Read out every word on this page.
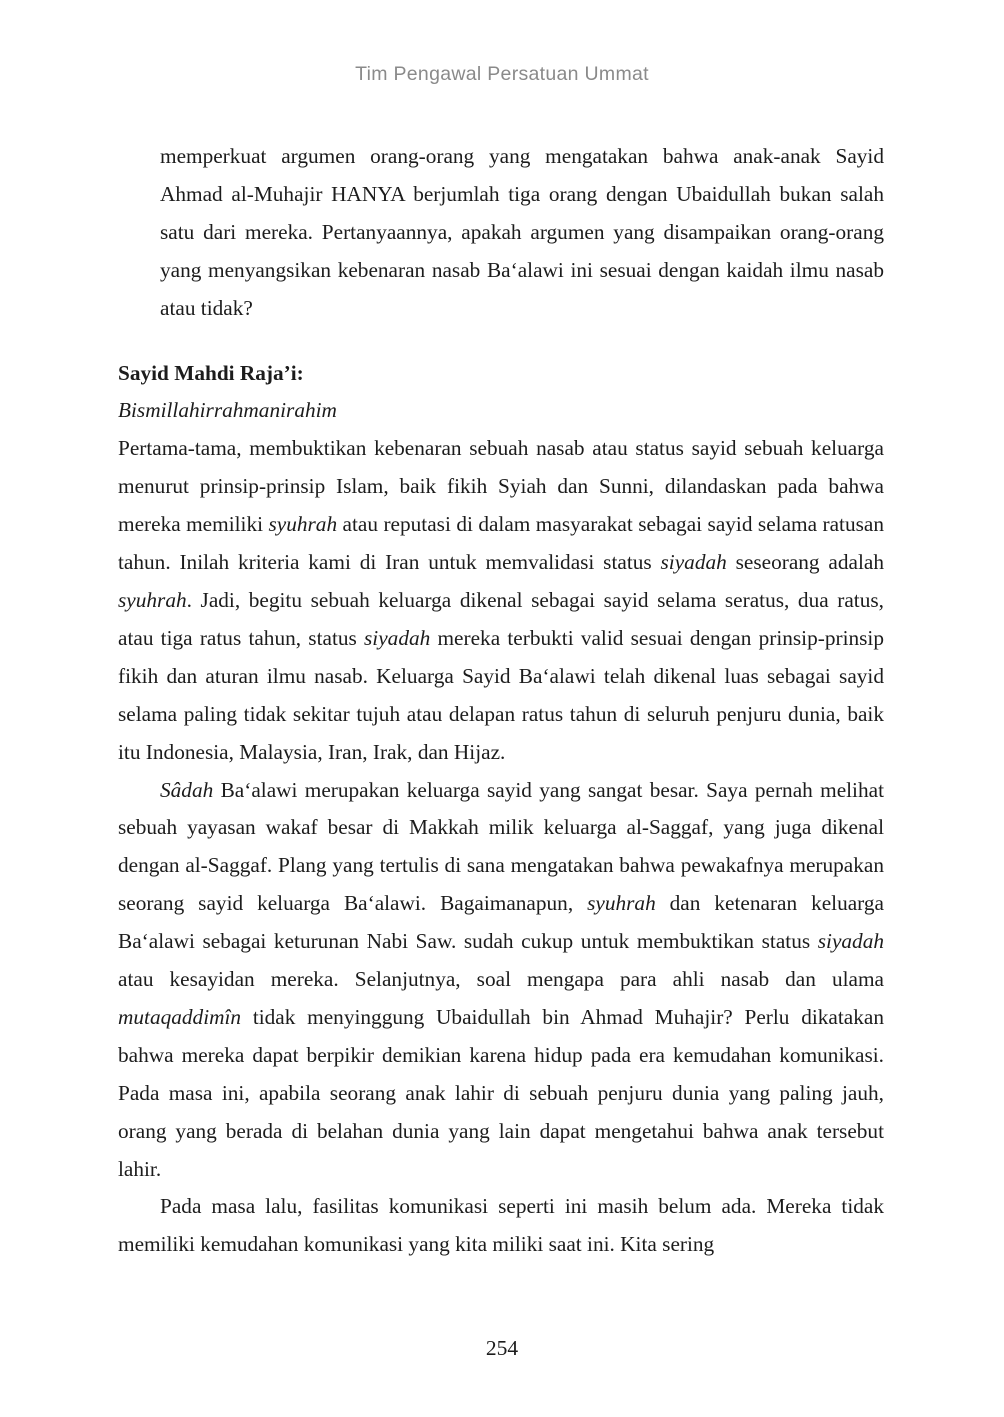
Tim Pengawal Persatuan Ummat
memperkuat argumen orang-orang yang mengatakan bahwa anak-anak Sayid Ahmad al-Muhajir HANYA berjumlah tiga orang dengan Ubaidullah bukan salah satu dari mereka. Pertanyaannya, apakah argumen yang disampaikan orang-orang yang menyangsikan kebenaran nasab Ba‘alawi ini sesuai dengan kaidah ilmu nasab atau tidak?
Sayid Mahdi Raja’i:
Bismillahirrahmanirahim
Pertama-tama, membuktikan kebenaran sebuah nasab atau status sayid sebuah keluarga menurut prinsip-prinsip Islam, baik fikih Syiah dan Sunni, dilandaskan pada bahwa mereka memiliki syuhrah atau reputasi di dalam masyarakat sebagai sayid selama ratusan tahun. Inilah kriteria kami di Iran untuk memvalidasi status siyadah seseorang adalah syuhrah. Jadi, begitu sebuah keluarga dikenal sebagai sayid selama seratus, dua ratus, atau tiga ratus tahun, status siyadah mereka terbukti valid sesuai dengan prinsip-prinsip fikih dan aturan ilmu nasab. Keluarga Sayid Ba‘alawi telah dikenal luas sebagai sayid selama paling tidak sekitar tujuh atau delapan ratus tahun di seluruh penjuru dunia, baik itu Indonesia, Malaysia, Iran, Irak, dan Hijaz.
Sâdah Ba‘alawi merupakan keluarga sayid yang sangat besar. Saya pernah melihat sebuah yayasan wakaf besar di Makkah milik keluarga al-Saggaf, yang juga dikenal dengan al-Saggaf. Plang yang tertulis di sana mengatakan bahwa pewakafnya merupakan seorang sayid keluarga Ba‘alawi. Bagaimanapun, syuhrah dan ketenaran keluarga Ba‘alawi sebagai keturunan Nabi Saw. sudah cukup untuk membuktikan status siyadah atau kesayidan mereka. Selanjutnya, soal mengapa para ahli nasab dan ulama mutaqaddimîn tidak menyinggung Ubaidullah bin Ahmad Muhajir? Perlu dikatakan bahwa mereka dapat berpikir demikian karena hidup pada era kemudahan komunikasi. Pada masa ini, apabila seorang anak lahir di sebuah penjuru dunia yang paling jauh, orang yang berada di belahan dunia yang lain dapat mengetahui bahwa anak tersebut lahir.
Pada masa lalu, fasilitas komunikasi seperti ini masih belum ada. Mereka tidak memiliki kemudahan komunikasi yang kita miliki saat ini. Kita sering
254
